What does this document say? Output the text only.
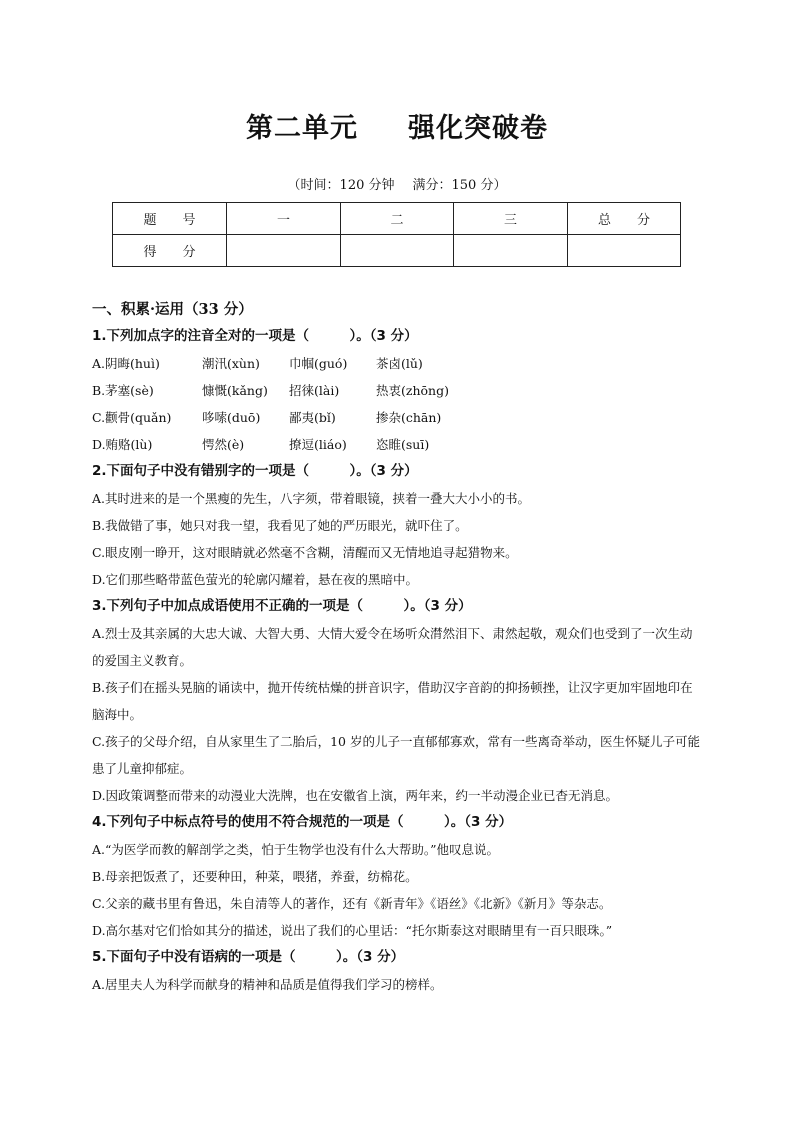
第二单元 强化突破卷
（时间：120 分钟 满分：150 分）
题　　号	一	二	三	总　　分
得　　分				

一、积累·运用（33 分）

1.下列加点字的注音全对的一项是（　　　）。（3 分）

A.阴晦(huì)	潮汛(xùn)	巾帼(guó)	茶卤(lǔ)
B.茅塞(sè)	慷慨(kǎng)	招徕(lài)	热衷(zhōng)
C.颧骨(quǎn)	哆嗦(duō)	鄙夷(bǐ)	掺杂(chān)
D.贿赂(lù)	愕然(è)	撩逗(liáo)	恣睢(suī)

2.下面句子中没有错别字的一项是（　　　）。（3 分）

A.其时进来的是一个黑瘦的先生，八字须，带着眼镜，挟着一叠大大小小的书。

B.我做错了事，她只对我一望，我看见了她的严历眼光，就吓住了。

C.眼皮刚一睁开，这对眼睛就必然毫不含糊，清醒而又无情地追寻起猎物来。

D.它们那些略带蓝色萤光的轮廓闪耀着，悬在夜的黑暗中。

3.下列句子中加点成语使用不正确的一项是（　　　）。（3 分）

A.烈士及其亲属的大忠大诚、大智大勇、大情大爱令在场听众潸然泪下、肃然起敬，观众们也受到了一次生动的爱国主义教育。

B.孩子们在摇头晃脑的诵读中，抛开传统枯燥的拼音识字，借助汉字音韵的抑扬顿挫，让汉字更加牢固地印在脑海中。

C.孩子的父母介绍，自从家里生了二胎后，10 岁的儿子一直郁郁寡欢，常有一些离奇举动，医生怀疑儿子可能患了儿童抑郁症。

D.因政策调整而带来的动漫业大洗牌，也在安徽省上演，两年来，约一半动漫企业已杳无消息。

4.下列句子中标点符号的使用不符合规范的一项是（　　　）。（3 分）

A.“为医学而教的解剖学之类，怕于生物学也没有什么大帮助。”他叹息说。

B.母亲把饭煮了，还要种田，种菜，喂猪，养蚕，纺棉花。

C.父亲的藏书里有鲁迅，朱自清等人的著作，还有《新青年》《语丝》《北新》《新月》等杂志。

D.高尔基对它们恰如其分的描述，说出了我们的心里话：“托尔斯泰这对眼睛里有一百只眼珠。”

5.下面句子中没有语病的一项是（　　　）。（3 分）

A.居里夫人为科学而献身的精神和品质是值得我们学习的榜样。
